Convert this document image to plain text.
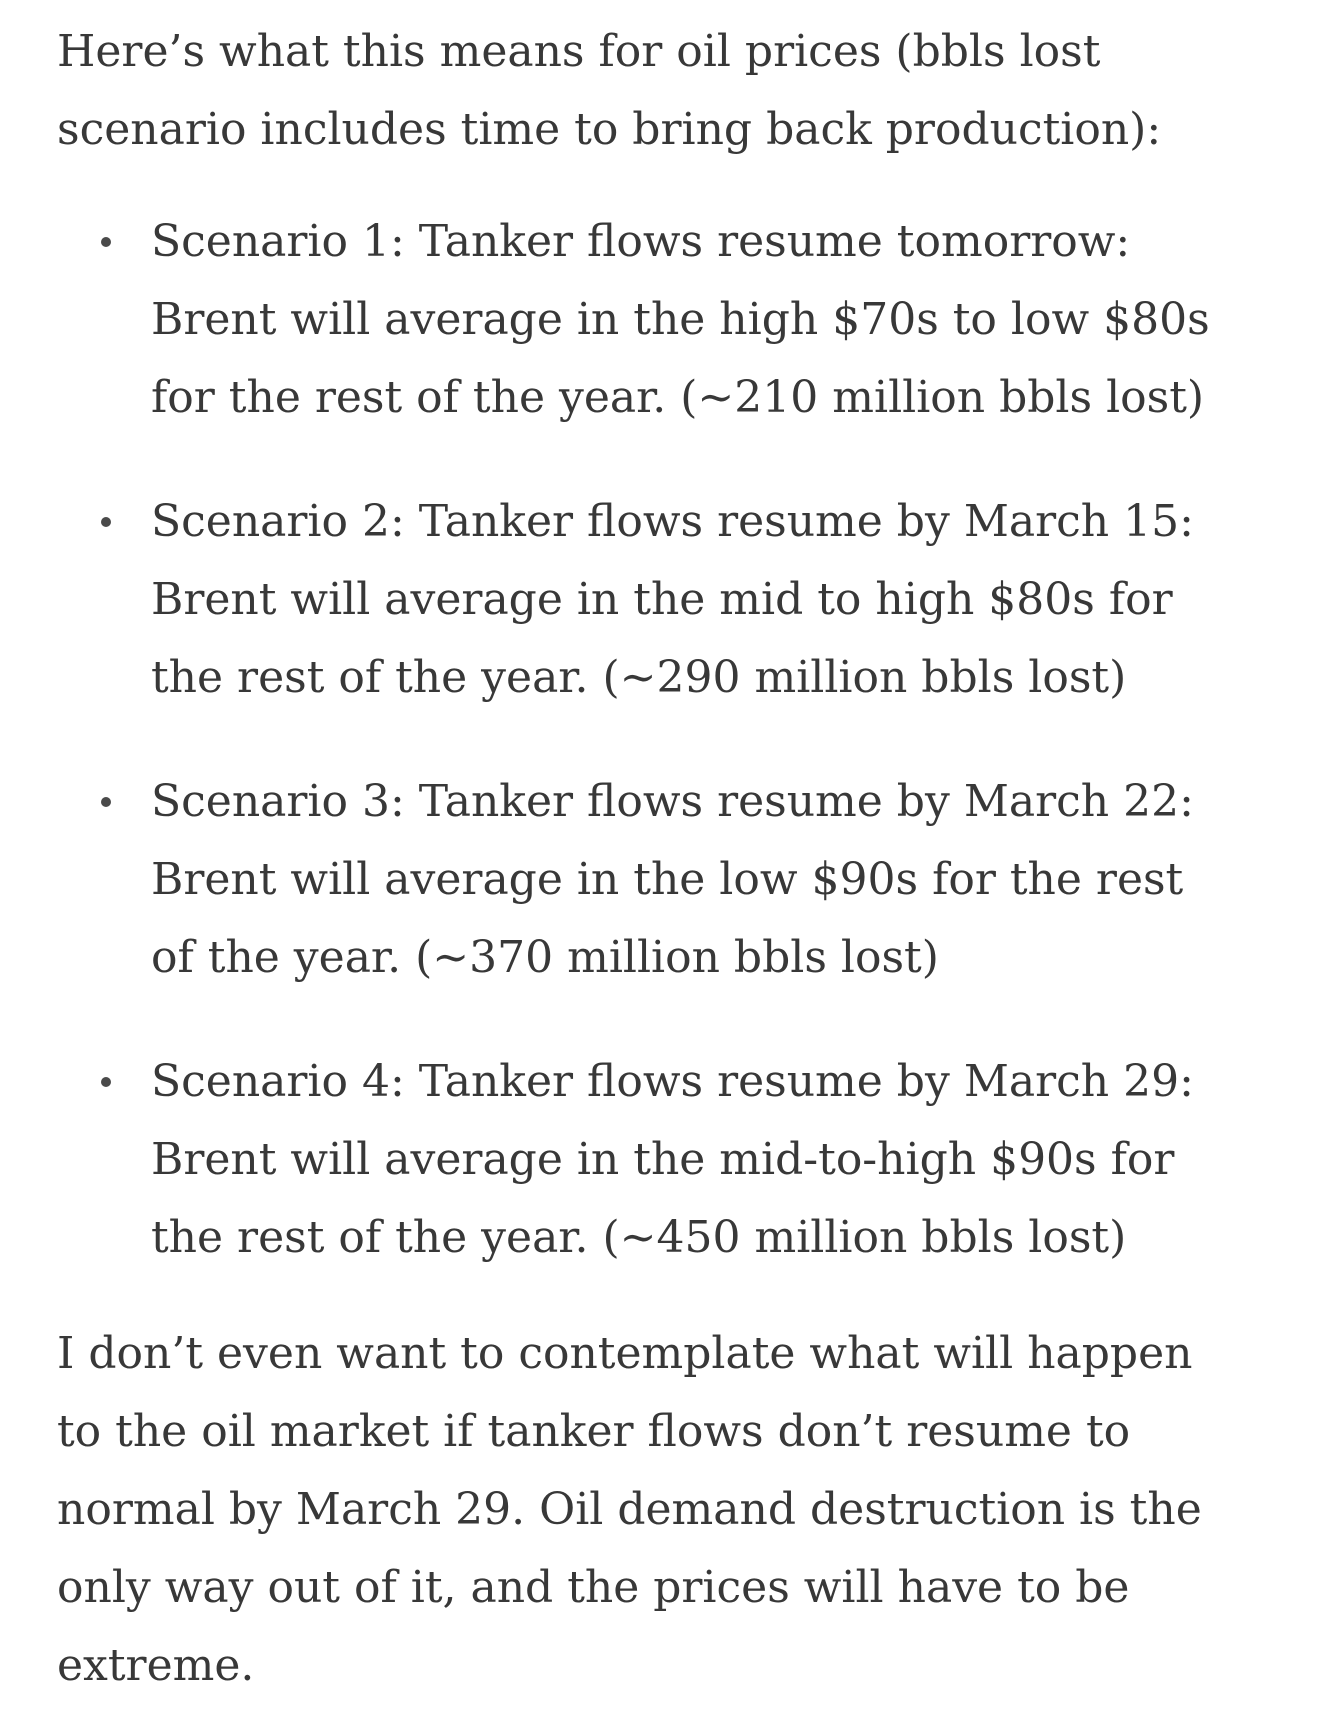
Here’s what this means for oil prices (bbls lost
scenario includes time to bring back production):

Scenario 1: Tanker flows resume tomorrow:
Brent will average in the high $70s to low $80s
for the rest of the year. (~210 million bbls lost)
Scenario 2: Tanker flows resume by March 15:
Brent will average in the mid to high $80s for
the rest of the year. (~290 million bbls lost)
Scenario 3: Tanker flows resume by March 22:
Brent will average in the low $90s for the rest
of the year. (~370 million bbls lost)
Scenario 4: Tanker flows resume by March 29:
Brent will average in the mid-to-high $90s for
the rest of the year. (~450 million bbls lost)

I don’t even want to contemplate what will happen
to the oil market if tanker flows don’t resume to
normal by March 29. Oil demand destruction is the
only way out of it, and the prices will have to be
extreme.
